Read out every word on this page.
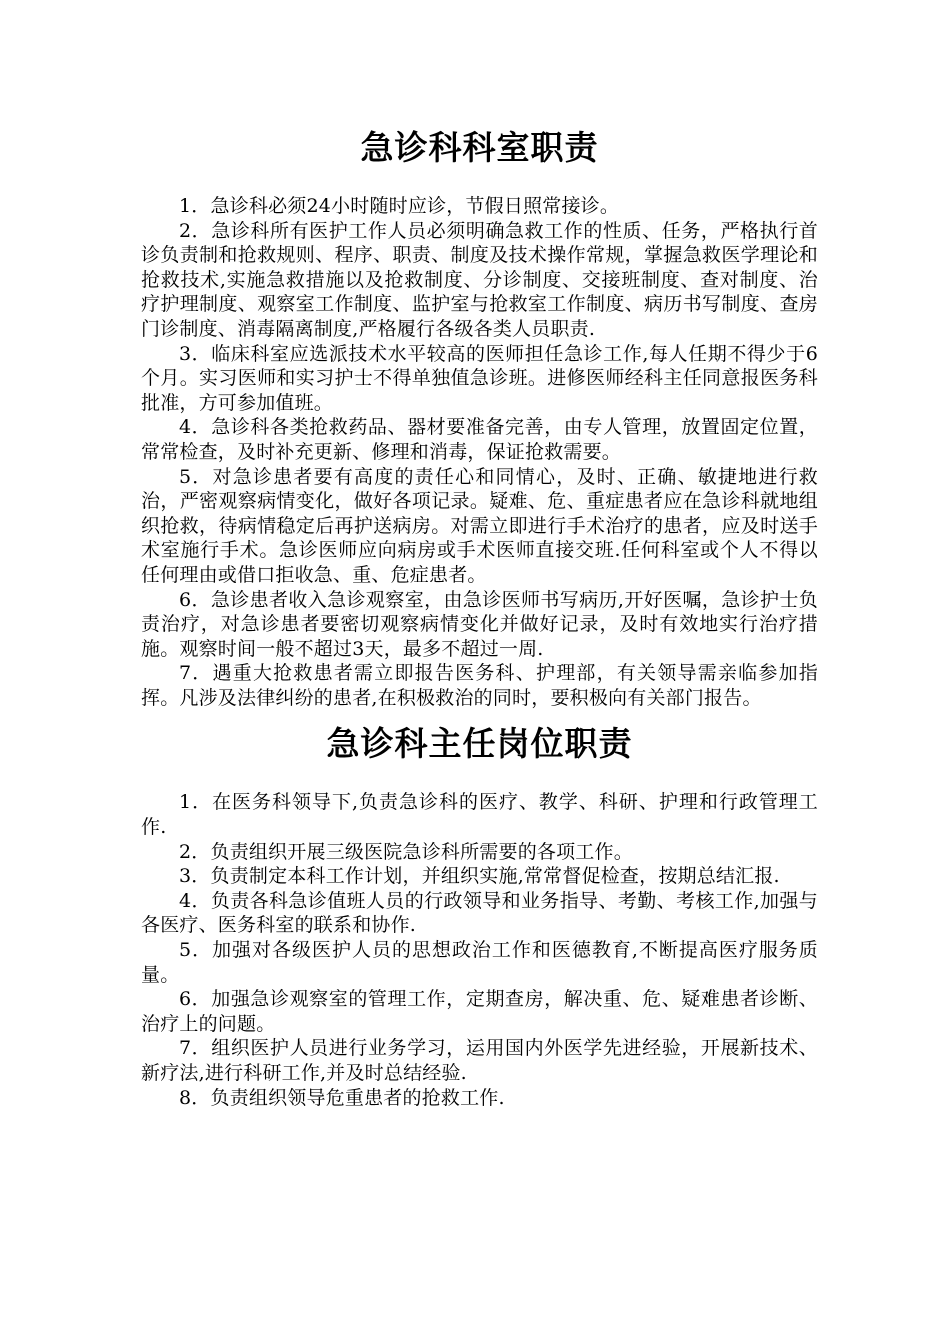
急诊科科室职责

1．急诊科必须24小时随时应诊，节假日照常接诊。

2．急诊科所有医护工作人员必须明确急救工作的性质、任务，严格执行首诊负责制和抢救规则、程序、职责、制度及技术操作常规，掌握急救医学理论和抢救技术,实施急救措施以及抢救制度、分诊制度、交接班制度、查对制度、治疗护理制度、观察室工作制度、监护室与抢救室工作制度、病历书写制度、查房门诊制度、消毒隔离制度,严格履行各级各类人员职责.

3．临床科室应选派技术水平较高的医师担任急诊工作,每人任期不得少于6个月。实习医师和实习护士不得单独值急诊班。进修医师经科主任同意报医务科批准，方可参加值班。

4．急诊科各类抢救药品、器材要准备完善，由专人管理，放置固定位置，常常检查，及时补充更新、修理和消毒，保证抢救需要。

5．对急诊患者要有高度的责任心和同情心，及时、正确、敏捷地进行救治，严密观察病情变化，做好各项记录。疑难、危、重症患者应在急诊科就地组织抢救，待病情稳定后再护送病房。对需立即进行手术治疗的患者，应及时送手术室施行手术。急诊医师应向病房或手术医师直接交班.任何科室或个人不得以任何理由或借口拒收急、重、危症患者。

6．急诊患者收入急诊观察室，由急诊医师书写病历,开好医嘱，急诊护士负责治疗，对急诊患者要密切观察病情变化并做好记录，及时有效地实行治疗措施。观察时间一般不超过3天，最多不超过一周.

7．遇重大抢救患者需立即报告医务科、护理部，有关领导需亲临参加指挥。凡涉及法律纠纷的患者,在积极救治的同时，要积极向有关部门报告。

急诊科主任岗位职责

1．在医务科领导下,负责急诊科的医疗、教学、科研、护理和行政管理工作.

2．负责组织开展三级医院急诊科所需要的各项工作。

3．负责制定本科工作计划，并组织实施,常常督促检查，按期总结汇报.

4．负责各科急诊值班人员的行政领导和业务指导、考勤、考核工作,加强与各医疗、医务科室的联系和协作.

5．加强对各级医护人员的思想政治工作和医德教育,不断提高医疗服务质量。

6．加强急诊观察室的管理工作，定期查房，解决重、危、疑难患者诊断、治疗上的问题。

7．组织医护人员进行业务学习，运用国内外医学先进经验，开展新技术、新疗法,进行科研工作,并及时总结经验.

8．负责组织领导危重患者的抢救工作.
